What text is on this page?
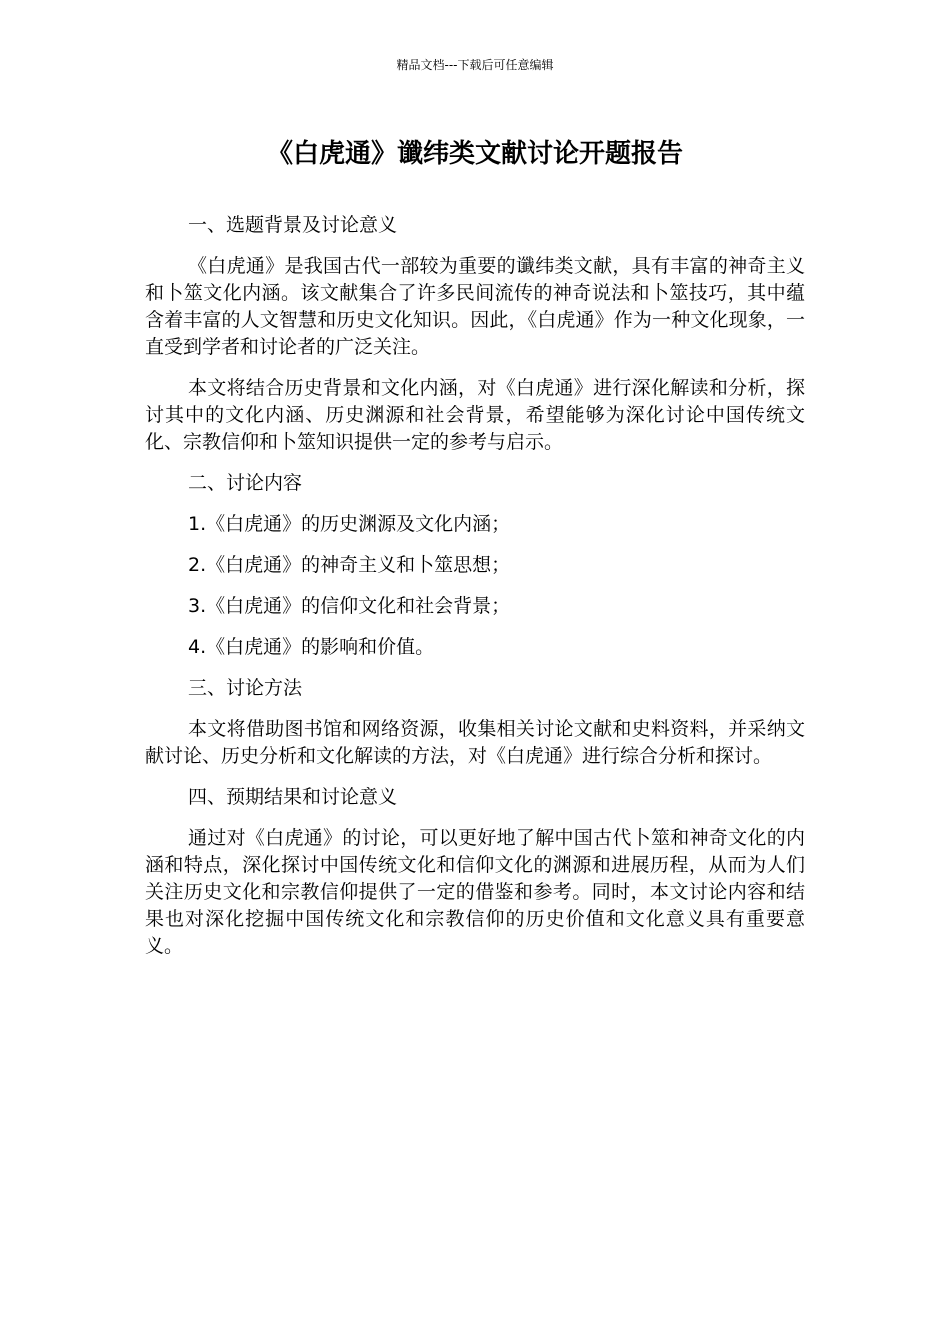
精品文档---下载后可任意编辑
《白虎通》谶纬类文献讨论开题报告

一、选题背景及讨论意义

《白虎通》是我国古代一部较为重要的谶纬类文献，具有丰富的神奇主义和卜筮文化内涵。该文献集合了许多民间流传的神奇说法和卜筮技巧，其中蕴含着丰富的人文智慧和历史文化知识。因此，《白虎通》作为一种文化现象，一直受到学者和讨论者的广泛关注。

本文将结合历史背景和文化内涵，对《白虎通》进行深化解读和分析，探讨其中的文化内涵、历史渊源和社会背景，希望能够为深化讨论中国传统文化、宗教信仰和卜筮知识提供一定的参考与启示。

二、讨论内容

1.《白虎通》的历史渊源及文化内涵；

2.《白虎通》的神奇主义和卜筮思想；

3.《白虎通》的信仰文化和社会背景；

4.《白虎通》的影响和价值。

三、讨论方法

本文将借助图书馆和网络资源，收集相关讨论文献和史料资料，并采纳文献讨论、历史分析和文化解读的方法，对《白虎通》进行综合分析和探讨。

四、预期结果和讨论意义

通过对《白虎通》的讨论，可以更好地了解中国古代卜筮和神奇文化的内涵和特点，深化探讨中国传统文化和信仰文化的渊源和进展历程，从而为人们关注历史文化和宗教信仰提供了一定的借鉴和参考。同时，本文讨论内容和结果也对深化挖掘中国传统文化和宗教信仰的历史价值和文化意义具有重要意义。
